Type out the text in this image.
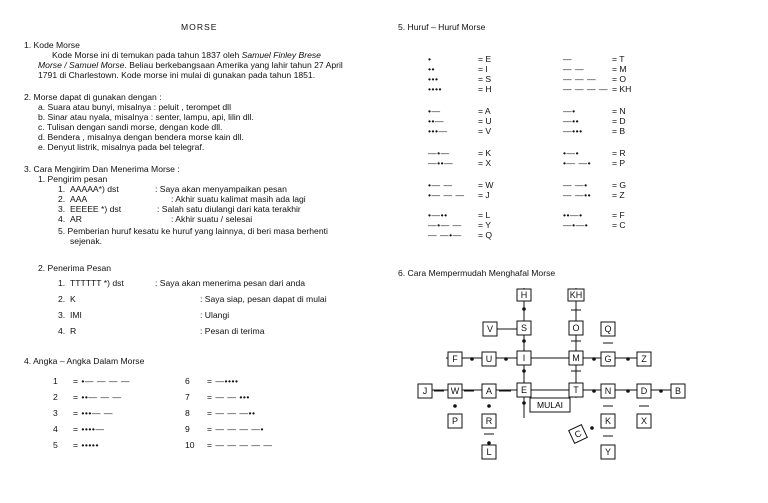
MORSE
1. Kode Morse
Kode Morse ini di temukan pada tahun 1837 oleh Samuel Finley Brese
Morse / Samuel Morse. Beliau berkebangsaan Amerika yang lahir tahun 27 April
1791 di Charlestown. Kode morse ini mulai di gunakan pada tahun 1851.
2. Morse dapat di gunakan dengan :
a. Suara atau bunyi, misalnya : peluit , terompet dll
b. Sinar atau nyala, misalnya : senter, lampu, api, lilin dll.
c. Tulisan dengan sandi morse, dengan kode dll.
d. Bendera , misalnya dengan bendera morse kain dll.
e. Denyut listrik, misalnya pada bel telegraf.
3. Cara Mengirim Dan Menerima Morse :
1. Pengirim pesan
1. AAAAA*) dst	: Saya akan menyampaikan pesan
2. AAA	: Akhir suatu kalimat masih ada lagi
3. EEEEE *) dst	: Salah satu diulangi dari kata terakhir
4. AR	: Akhir suatu / selesai
5. Pemberian huruf kesatu ke huruf yang lainnya, di beri masa berhenti
sejenak.
2. Penerima Pesan
1. TTTTTT *) dst	: Saya akan menerima pesan dari anda
2. K	: Saya siap, pesan dapat di mulai
3. IMI	: Ulangi
4. R	: Pesan di terima
4. Angka – Angka Dalam Morse
1 = •— — — —
2 = ••— — —
3 = •••— —
4 = ••••—
5 = •••••
6 = —••••
7 = — — •••
8 = — — —••
9 = — — — —•
10 = — — — — —
5. Huruf – Huruf Morse
•	= E
••	= I
•••	= S
••••	= H
—	= T
— —	= M
— — — = O
— — — — = KH
•—	= A
••—	= U
•••—	= V
—•	= N
—••	= D
—•••	= B
—•—	= K
—••—	= X
•—•	= R
•— —• = P
•— —	= W
•— — — = J
— —•	= G
— —•• = Z
•—••	= L
—•— — = Y
— —•— = Q
••—•	= F
—•—•	= C
6. Cara Mempermudah Menghafal Morse
MULAI
H
S
I
E
KH
O
M
T
V
F	U
J	W	A
P	R
L
G	Z
Q
N	D	B
K
Y
X
C
